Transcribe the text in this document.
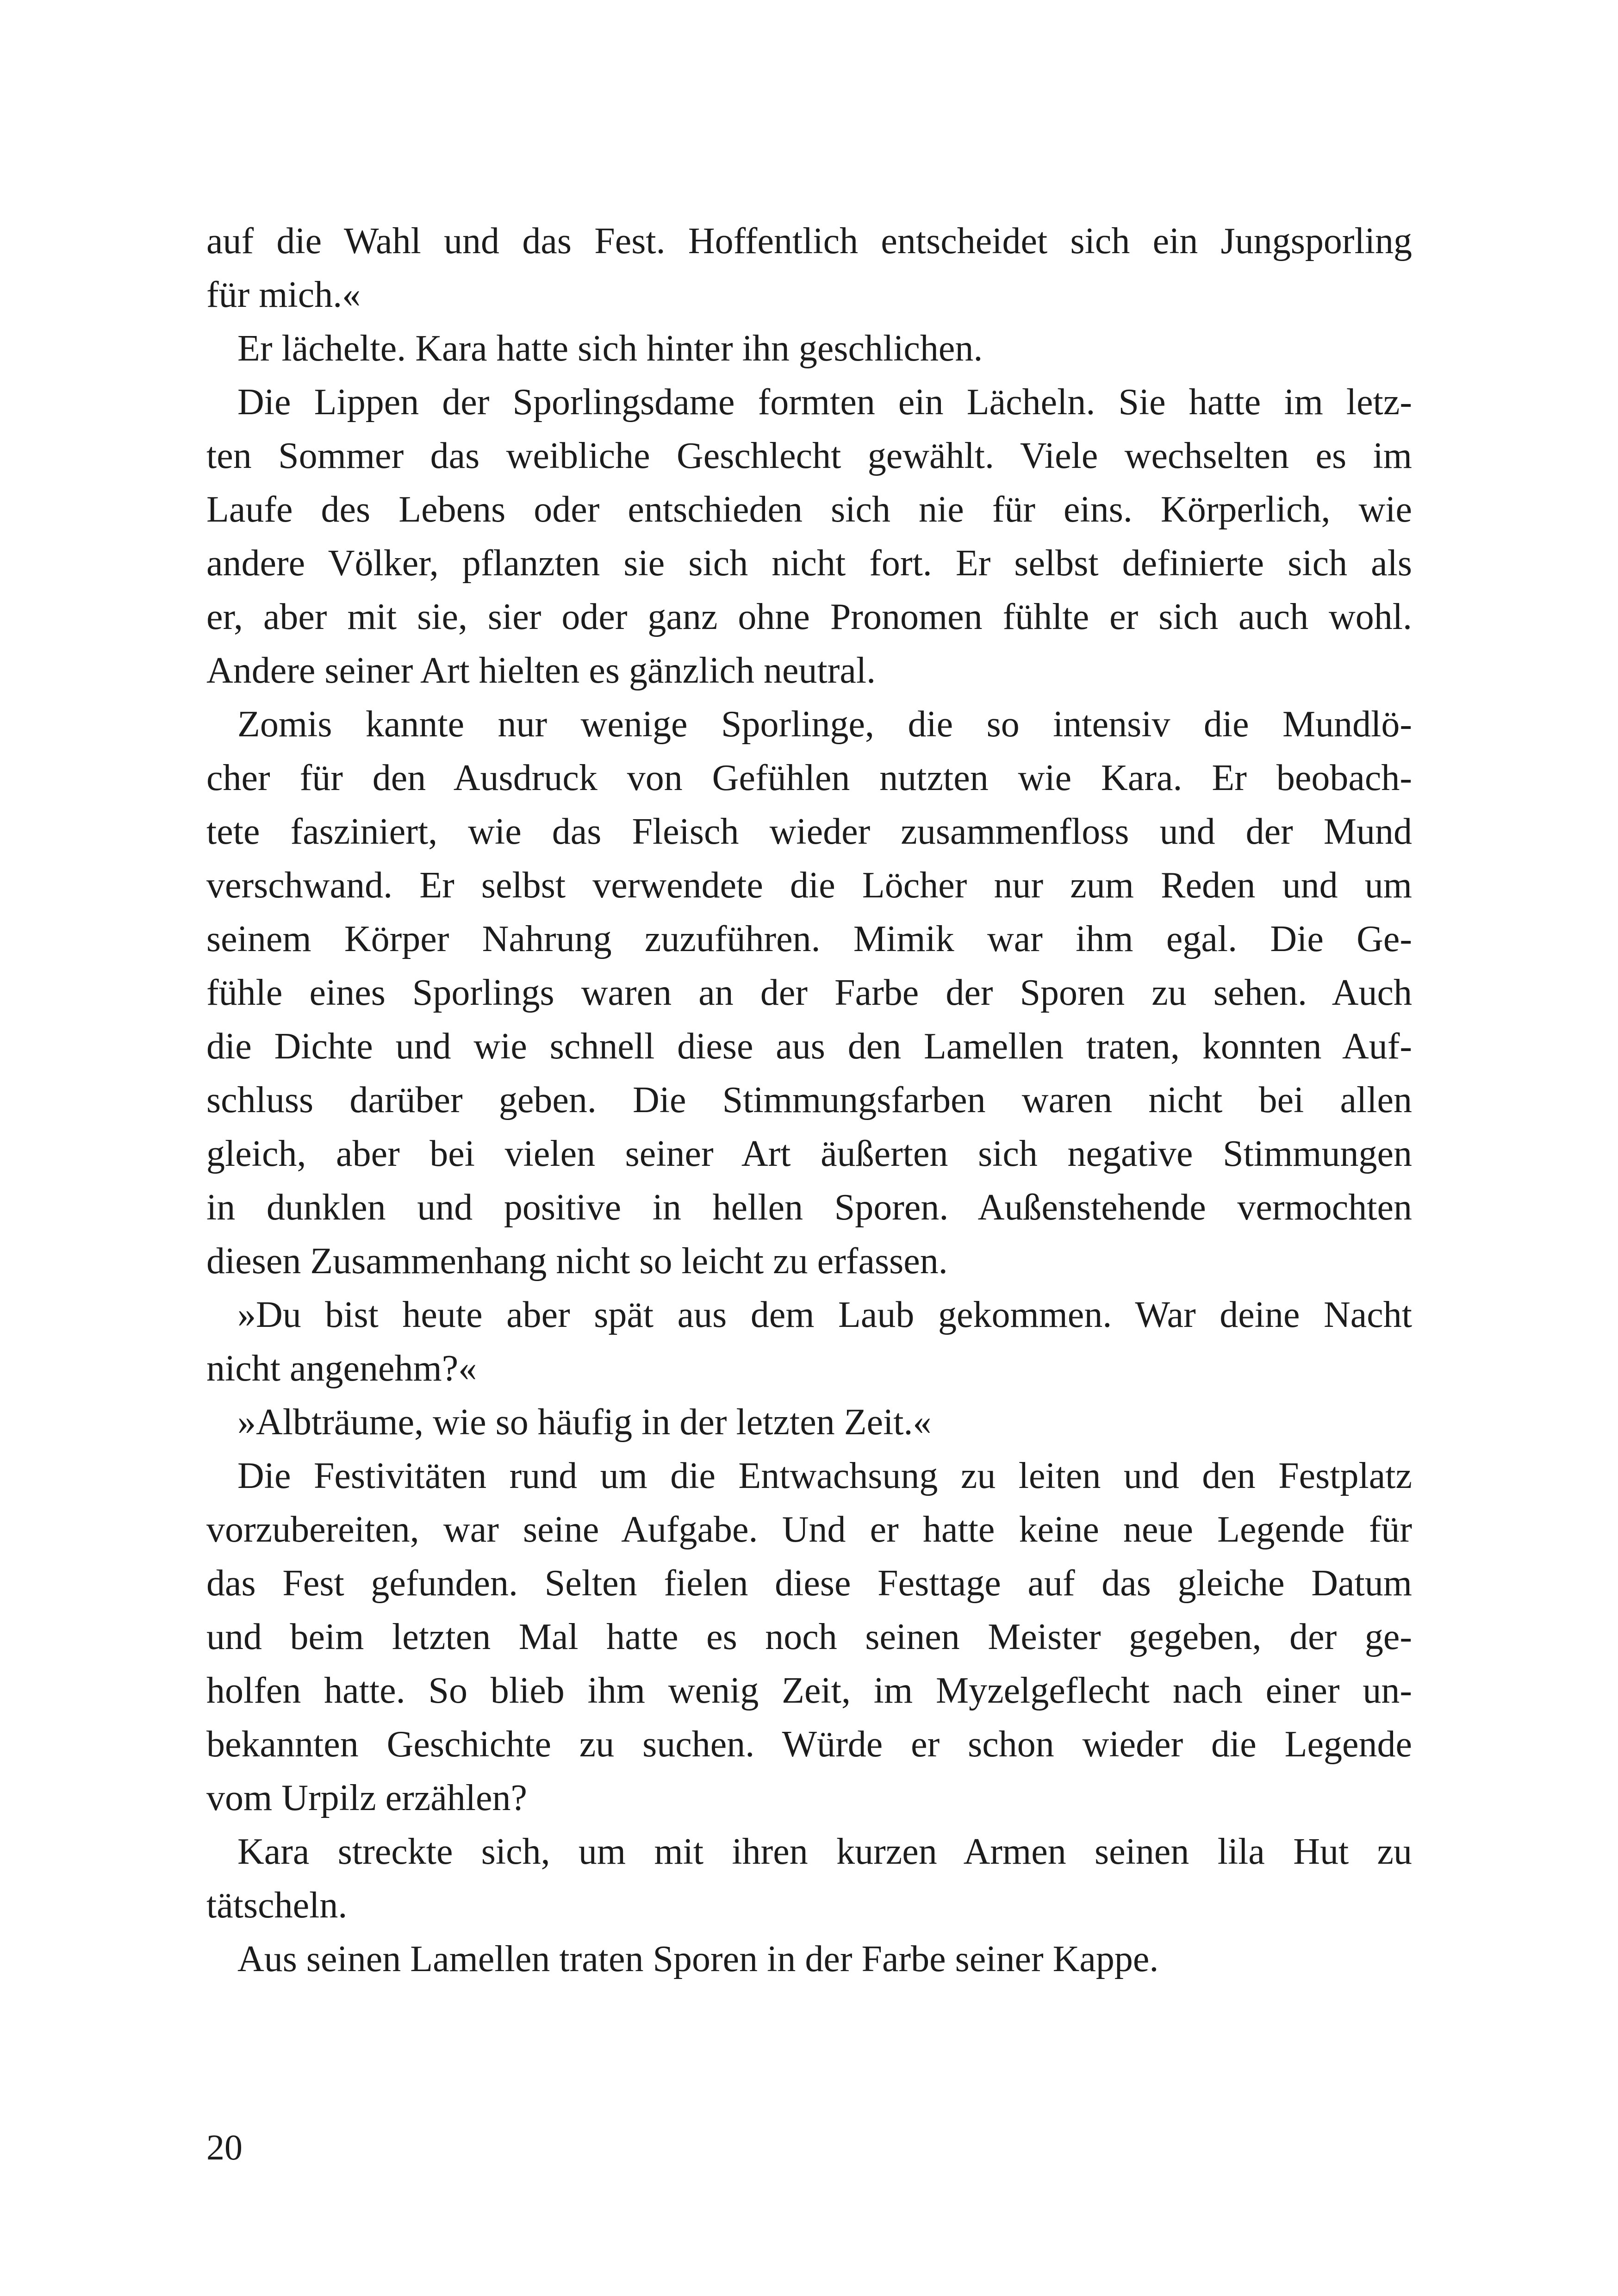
auf die Wahl und das Fest. Hoffentlich entscheidet sich ein Jungsporling
für mich.«
Er lächelte. Kara hatte sich hinter ihn geschlichen.
Die Lippen der Sporlingsdame formten ein Lächeln. Sie hatte im letz-
ten Sommer das weibliche Geschlecht gewählt. Viele wechselten es im
Laufe des Lebens oder entschieden sich nie für eins. Körperlich, wie
andere Völker, pflanzten sie sich nicht fort. Er selbst definierte sich als
er, aber mit sie, sier oder ganz ohne Pronomen fühlte er sich auch wohl.
Andere seiner Art hielten es gänzlich neutral.
Zomis kannte nur wenige Sporlinge, die so intensiv die Mundlö-
cher für den Ausdruck von Gefühlen nutzten wie Kara. Er beobach-
tete fasziniert, wie das Fleisch wieder zusammenfloss und der Mund
verschwand. Er selbst verwendete die Löcher nur zum Reden und um
seinem Körper Nahrung zuzuführen. Mimik war ihm egal. Die Ge-
fühle eines Sporlings waren an der Farbe der Sporen zu sehen. Auch
die Dichte und wie schnell diese aus den Lamellen traten, konnten Auf-
schluss darüber geben. Die Stimmungsfarben waren nicht bei allen
gleich, aber bei vielen seiner Art äußerten sich negative Stimmungen
in dunklen und positive in hellen Sporen. Außenstehende vermochten
diesen Zusammenhang nicht so leicht zu erfassen.
»Du bist heute aber spät aus dem Laub gekommen. War deine Nacht
nicht angenehm?«
»Albträume, wie so häufig in der letzten Zeit.«
Die Festivitäten rund um die Entwachsung zu leiten und den Festplatz
vorzubereiten, war seine Aufgabe. Und er hatte keine neue Legende für
das Fest gefunden. Selten fielen diese Festtage auf das gleiche Datum
und beim letzten Mal hatte es noch seinen Meister gegeben, der ge-
holfen hatte. So blieb ihm wenig Zeit, im Myzelgeflecht nach einer un-
bekannten Geschichte zu suchen. Würde er schon wieder die Legende
vom Urpilz erzählen?
Kara streckte sich, um mit ihren kurzen Armen seinen lila Hut zu
tätscheln.
Aus seinen Lamellen traten Sporen in der Farbe seiner Kappe.
20
